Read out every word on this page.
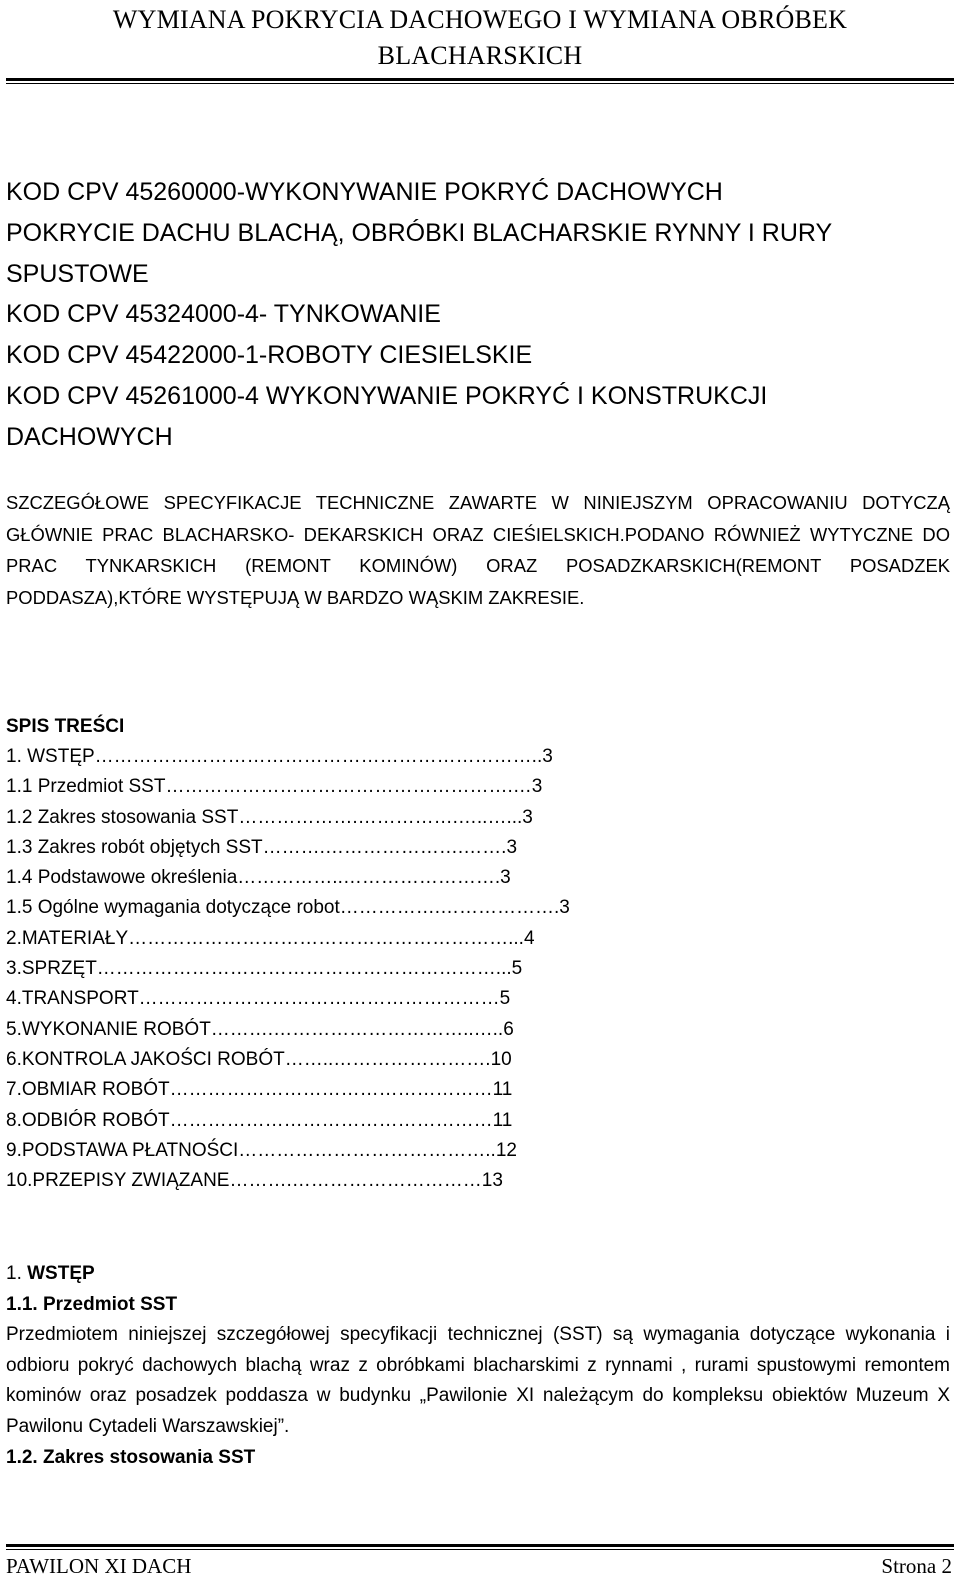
WYMIANA POKRYCIA DACHOWEGO I WYMIANA OBRÓBEK
BLACHARSKICH
KOD CPV 45260000-WYKONYWANIE POKRYĆ DACHOWYCH
POKRYCIE DACHU BLACHĄ, OBRÓBKI BLACHARSKIE RYNNY I RURY
SPUSTOWE
KOD CPV 45324000-4- TYNKOWANIE
KOD CPV 45422000-1-ROBOTY CIESIELSKIE
KOD CPV 45261000-4 WYKONYWANIE POKRYĆ I KONSTRUKCJI
DACHOWYCH
SZCZEGÓŁOWE SPECYFIKACJE TECHNICZNE ZAWARTE W NINIEJSZYM OPRACOWANIU DOTYCZĄ GŁÓWNIE PRAC BLACHARSKO- DEKARSKICH ORAZ CIEŚIELSKICH.PODANO RÓWNIEŻ WYTYCZNE DO PRAC TYNKARSKICH (REMONT KOMINÓW) ORAZ POSADZKARSKICH(REMONT POSADZEK PODDASZA),KTÓRE WYSTĘPUJĄ W BARDZO WĄSKIM ZAKRESIE.
SPIS TREŚCI
1. WSTĘP……………………………………………………………..3
1.1 Przedmiot SST……………………………………………….…3
1.2 Zakres stosowania SST……………….…………….…..…...3
1.3 Zakres robót objętych SST……….………………….…….3
1.4 Podstawowe określenia……………..…………………….3
1.5 Ogólne wymagania dotyczące robot…………….……………….3
2.MATERIAŁY……………………………………………………...4
3.SPRZĘT………………………………………………………...5
4.TRANSPORT…………………………………………………5
5.WYKONANIE ROBÓT……….…………………………..…..6
6.KONTROLA JAKOŚCI ROBÓT……..…………………….10
7.OBMIAR ROBÓT……………………………………………11
8.ODBIÓR ROBÓT……………………………………………11
9.PODSTAWA PŁATNOŚCI…………………………………..12
10.PRZEPISY ZWIĄZANE……….…………………………13
1. WSTĘP
1.1. Przedmiot SST
Przedmiotem niniejszej szczegółowej specyfikacji technicznej (SST) są wymagania dotyczące wykonania i odbioru pokryć dachowych blachą wraz z obróbkami blacharskimi z rynnami , rurami spustowymi remontem kominów oraz posadzek poddasza w budynku „Pawilonie XI należącym do kompleksu obiektów Muzeum X Pawilonu Cytadeli Warszawskiej”.
1.2. Zakres stosowania SST
PAWILON XI DACH	Strona 2
